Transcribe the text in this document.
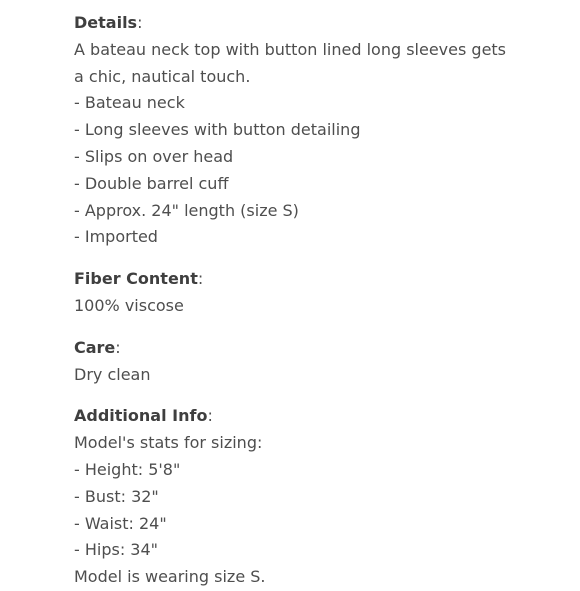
Details:

A bateau neck top with button lined long sleeves gets a chic, nautical touch.

- Bateau neck

- Long sleeves with button detailing

- Slips on over head

- Double barrel cuff

- Approx. 24" length (size S)

- Imported

Fiber Content:

100% viscose

Care:

Dry clean

Additional Info:

Model's stats for sizing:

- Height: 5'8"

- Bust: 32"

- Waist: 24"

- Hips: 34"

Model is wearing size S.
